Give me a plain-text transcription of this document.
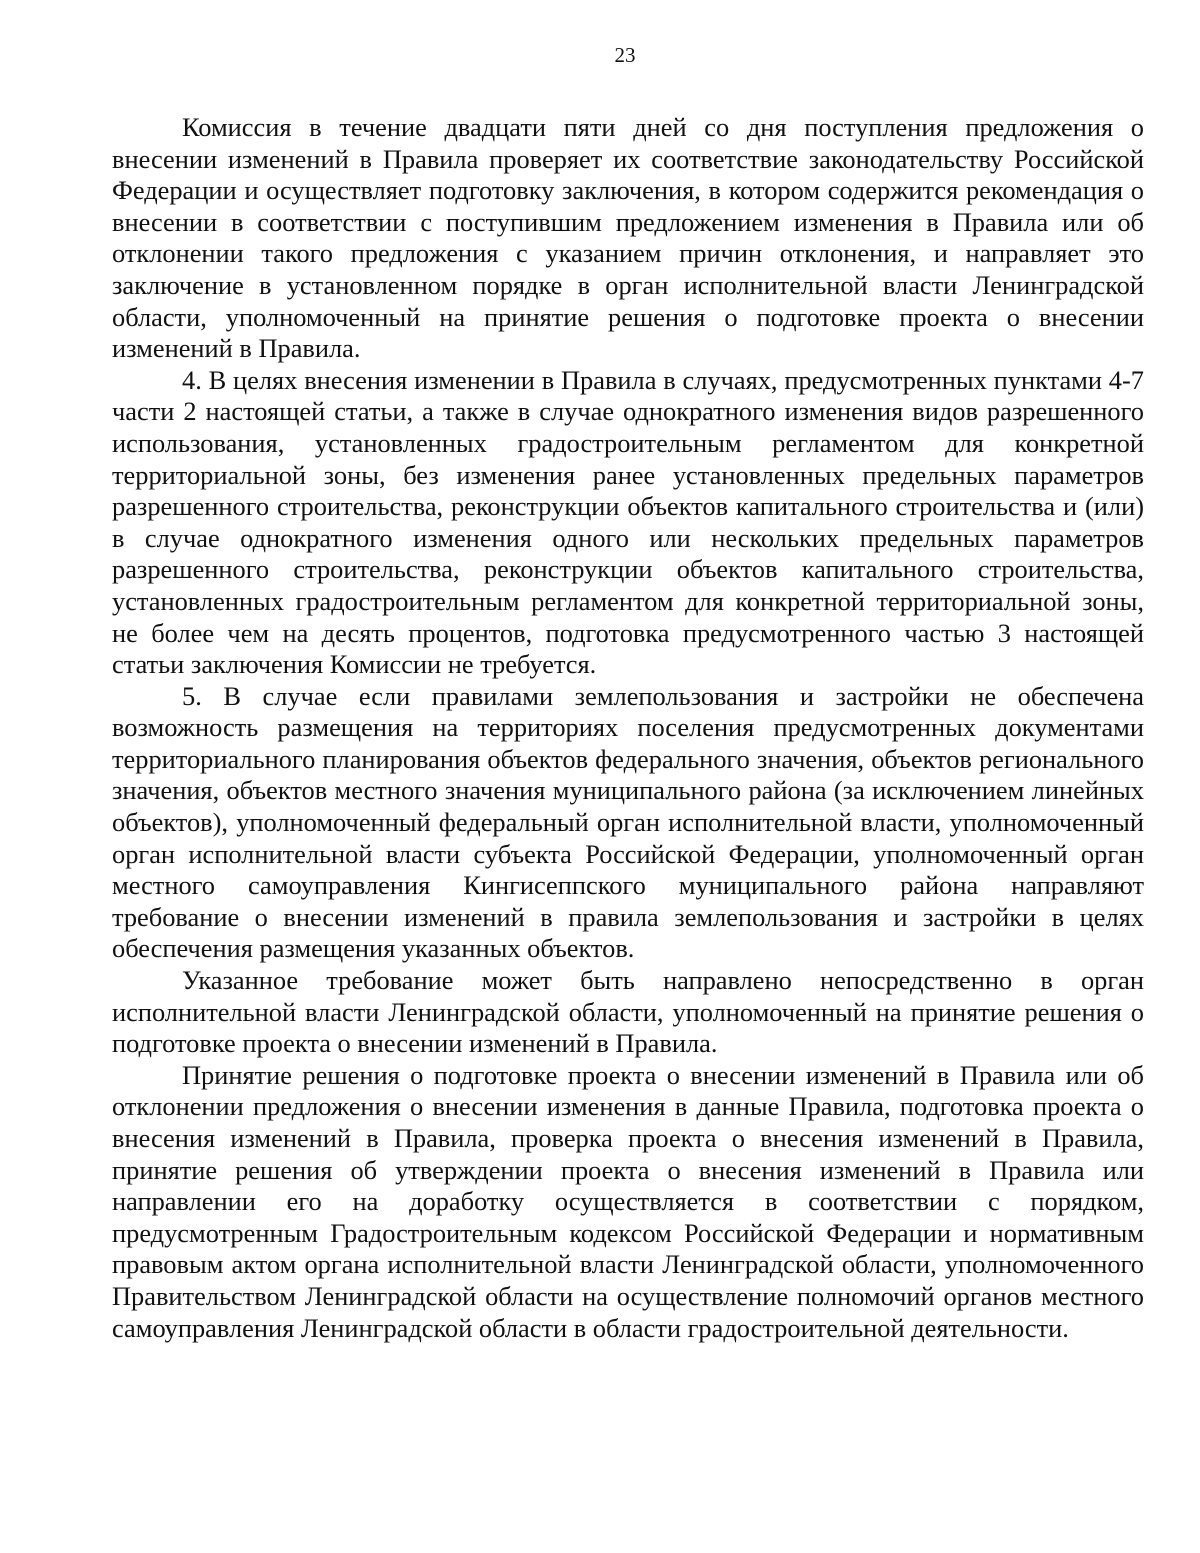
23

Комиссия в течение двадцати пяти дней со дня поступления предложения о внесении изменений в Правила проверяет их соответствие законодательству Российской Федерации и осуществляет подготовку заключения, в котором содержится рекомендация о внесении в соответствии с поступившим предложением изменения в Правила или об отклонении такого предложения с указанием причин отклонения, и направляет это заключение в установленном порядке в орган исполнительной власти Ленинградской области, уполномоченный на принятие решения о подготовке проекта о внесении изменений в Правила.

4. В целях внесения изменении в Правила в случаях, предусмотренных пунктами 4-7 части 2 настоящей статьи, а также в случае однократного изменения видов разрешенного использования, установленных градостроительным регламентом для конкретной территориальной зоны, без изменения ранее установленных предельных параметров разрешенного строительства, реконструкции объектов капитального строительства и (или) в случае однократного изменения одного или нескольких предельных параметров разрешенного строительства, реконструкции объектов капитального строительства, установленных градостроительным регламентом для конкретной территориальной зоны, не более чем на десять процентов, подготовка предусмотренного частью 3 настоящей статьи заключения Комиссии не требуется.

5. В случае если правилами землепользования и застройки не обеспечена возможность размещения на территориях поселения предусмотренных документами территориального планирования объектов федерального значения, объектов регионального значения, объектов местного значения муниципального района (за исключением линейных объектов), уполномоченный федеральный орган исполнительной власти, уполномоченный орган исполнительной власти субъекта Российской Федерации, уполномоченный орган местного самоуправления Кингисеппского муниципального района направляют требование о внесении изменений в правила землепользования и застройки в целях обеспечения размещения указанных объектов.

Указанное требование может быть направлено непосредственно в орган исполнительной власти Ленинградской области, уполномоченный на принятие решения о подготовке проекта о внесении изменений в Правила.

Принятие решения о подготовке проекта о внесении изменений в Правила или об отклонении предложения о внесении изменения в данные Правила, подготовка проекта о внесения изменений в Правила, проверка проекта о внесения изменений в Правила, принятие решения об утверждении проекта о внесения изменений в Правила или направлении его на доработку осуществляется в соответствии с порядком, предусмотренным Градостроительным кодексом Российской Федерации и нормативным правовым актом органа исполнительной власти Ленинградской области, уполномоченного Правительством Ленинградской области на осуществление полномочий органов местного самоуправления Ленинградской области в области градостроительной деятельности.
